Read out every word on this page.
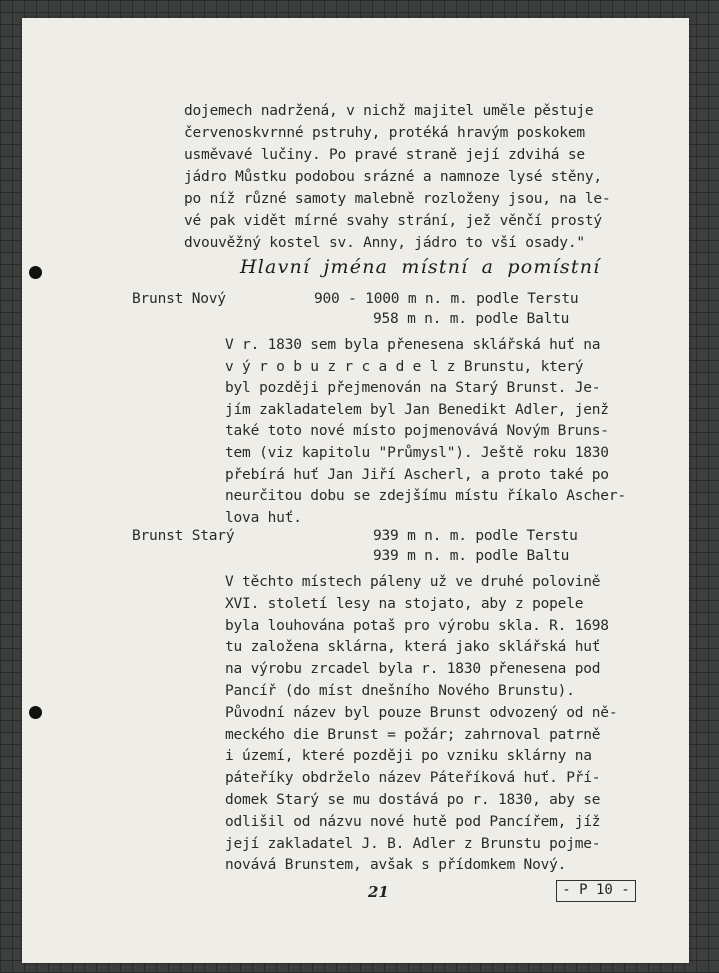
dojemech nadržená, v nichž majitel uměle pěstuje
červenoskvrnné pstruhy, protéká hravým poskokem
usměvavé lučiny. Po pravé straně její zdvihá se
jádro Můstku podobou srázné a namnoze lysé stěny,
po níž různé samoty malebně rozloženy jsou, na le-
vé pak vidět mírné svahy strání, jež věnčí prostý
dvouvěžný kostel sv. Anny, jádro to vší osady."
Hlavní jména místní a pomístní
Brunst Nový	900 - 1000 m n. m. podle Terstu
958 m n. m. podle Baltu
V r. 1830 sem byla přenesena sklářská huť na
v ý r o b u z r c a d e l z Brunstu, který
byl později přejmenován na Starý Brunst. Je-
jím zakladatelem byl Jan Benedikt Adler, jenž
také toto nové místo pojmenovává Novým Bruns-
tem (viz kapitolu "Průmysl"). Ještě roku 1830
přebírá huť Jan Jiří Ascherl, a proto také po
neurčitou dobu se zdejšímu místu říkalo Ascher-
lova huť.
Brunst Starý	939 m n. m. podle Terstu
939 m n. m. podle Baltu
V těchto místech páleny už ve druhé polovině
XVI. století lesy na stojato, aby z popele
byla louhována potaš pro výrobu skla. R. 1698
tu založena sklárna, která jako sklářská huť
na výrobu zrcadel byla r. 1830 přenesena pod
Pancíř (do míst dnešního Nového Brunstu).
Původní název byl pouze Brunst odvozený od ně-
meckého die Brunst = požár; zahrnoval patrně
i území, které později po vzniku sklárny na
páteříky obdrželo název Páteříková huť. Pří-
domek Starý se mu dostává po r. 1830, aby se
odlišil od názvu nové hutě pod Pancířem, jíž
její zakladatel J. B. Adler z Brunstu pojmе-
novává Brunstem, avšak s přídomkem Nový.
21	- P 10 -
